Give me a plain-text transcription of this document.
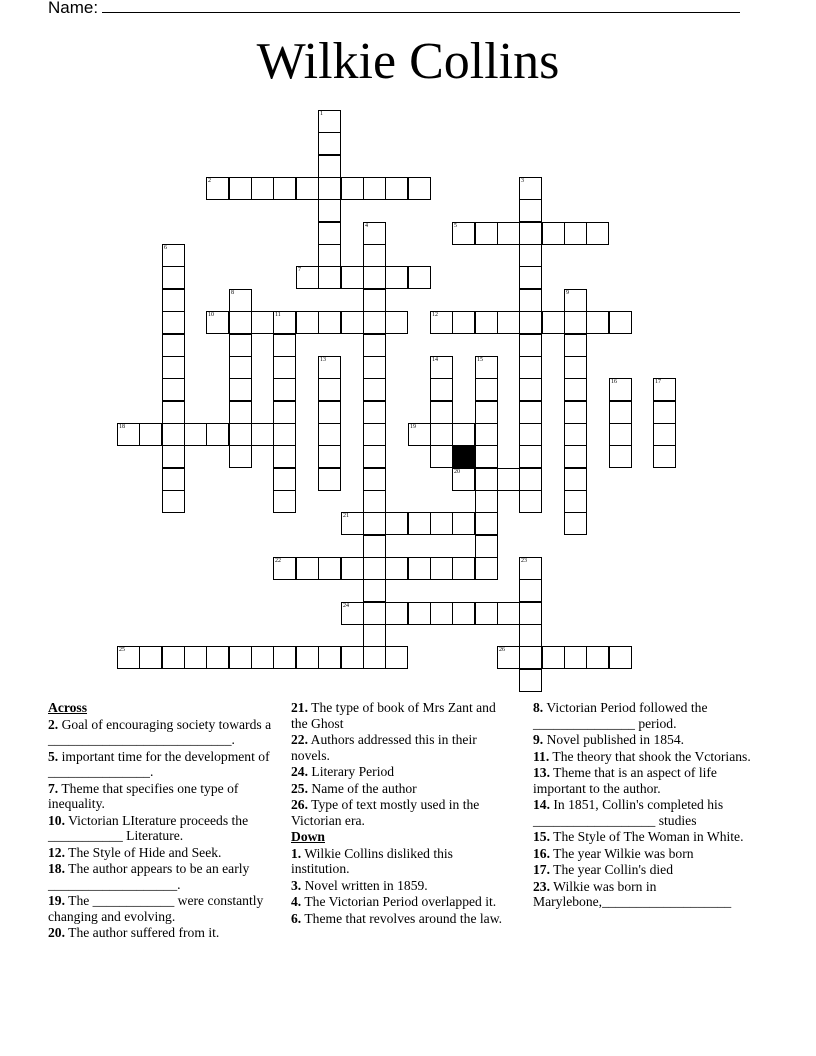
Name:
Wilkie Collins
1
2	3
4	5
6
7
8	9
10	11	12
13	14	15
16	17
18	19
20
21
22	23
24
25	26

Across

2. Goal of encouraging society towards a ___________________________.

5. important time for the development of _______________.

7. Theme that specifies one type of inequality.

10. Victorian LIterature proceeds the ___________ Literature.

12. The Style of Hide and Seek.

18. The author appears to be an early ___________________.

19. The ____________ were constantly changing and evolving.

20. The author suffered from it.

21. The type of book of Mrs Zant and the Ghost

22. Authors addressed this in their novels.

24. Literary Period

25. Name of the author

26. Type of text mostly used in the Victorian era.

Down

1. Wilkie Collins disliked this institution.

3. Novel written in 1859.

4. The Victorian Period overlapped it.

6. Theme that revolves around the law.

8. Victorian Period followed the _______________ period.

9. Novel published in 1854.

11. The theory that shook the Vctorians.

13. Theme that is an aspect of life important to the author.

14. In 1851, Collin's completed his __________________ studies

15. The Style of The Woman in White.

16. The year Wilkie was born

17. The year Collin's died

23. Wilkie was born in Marylebone,___________________
